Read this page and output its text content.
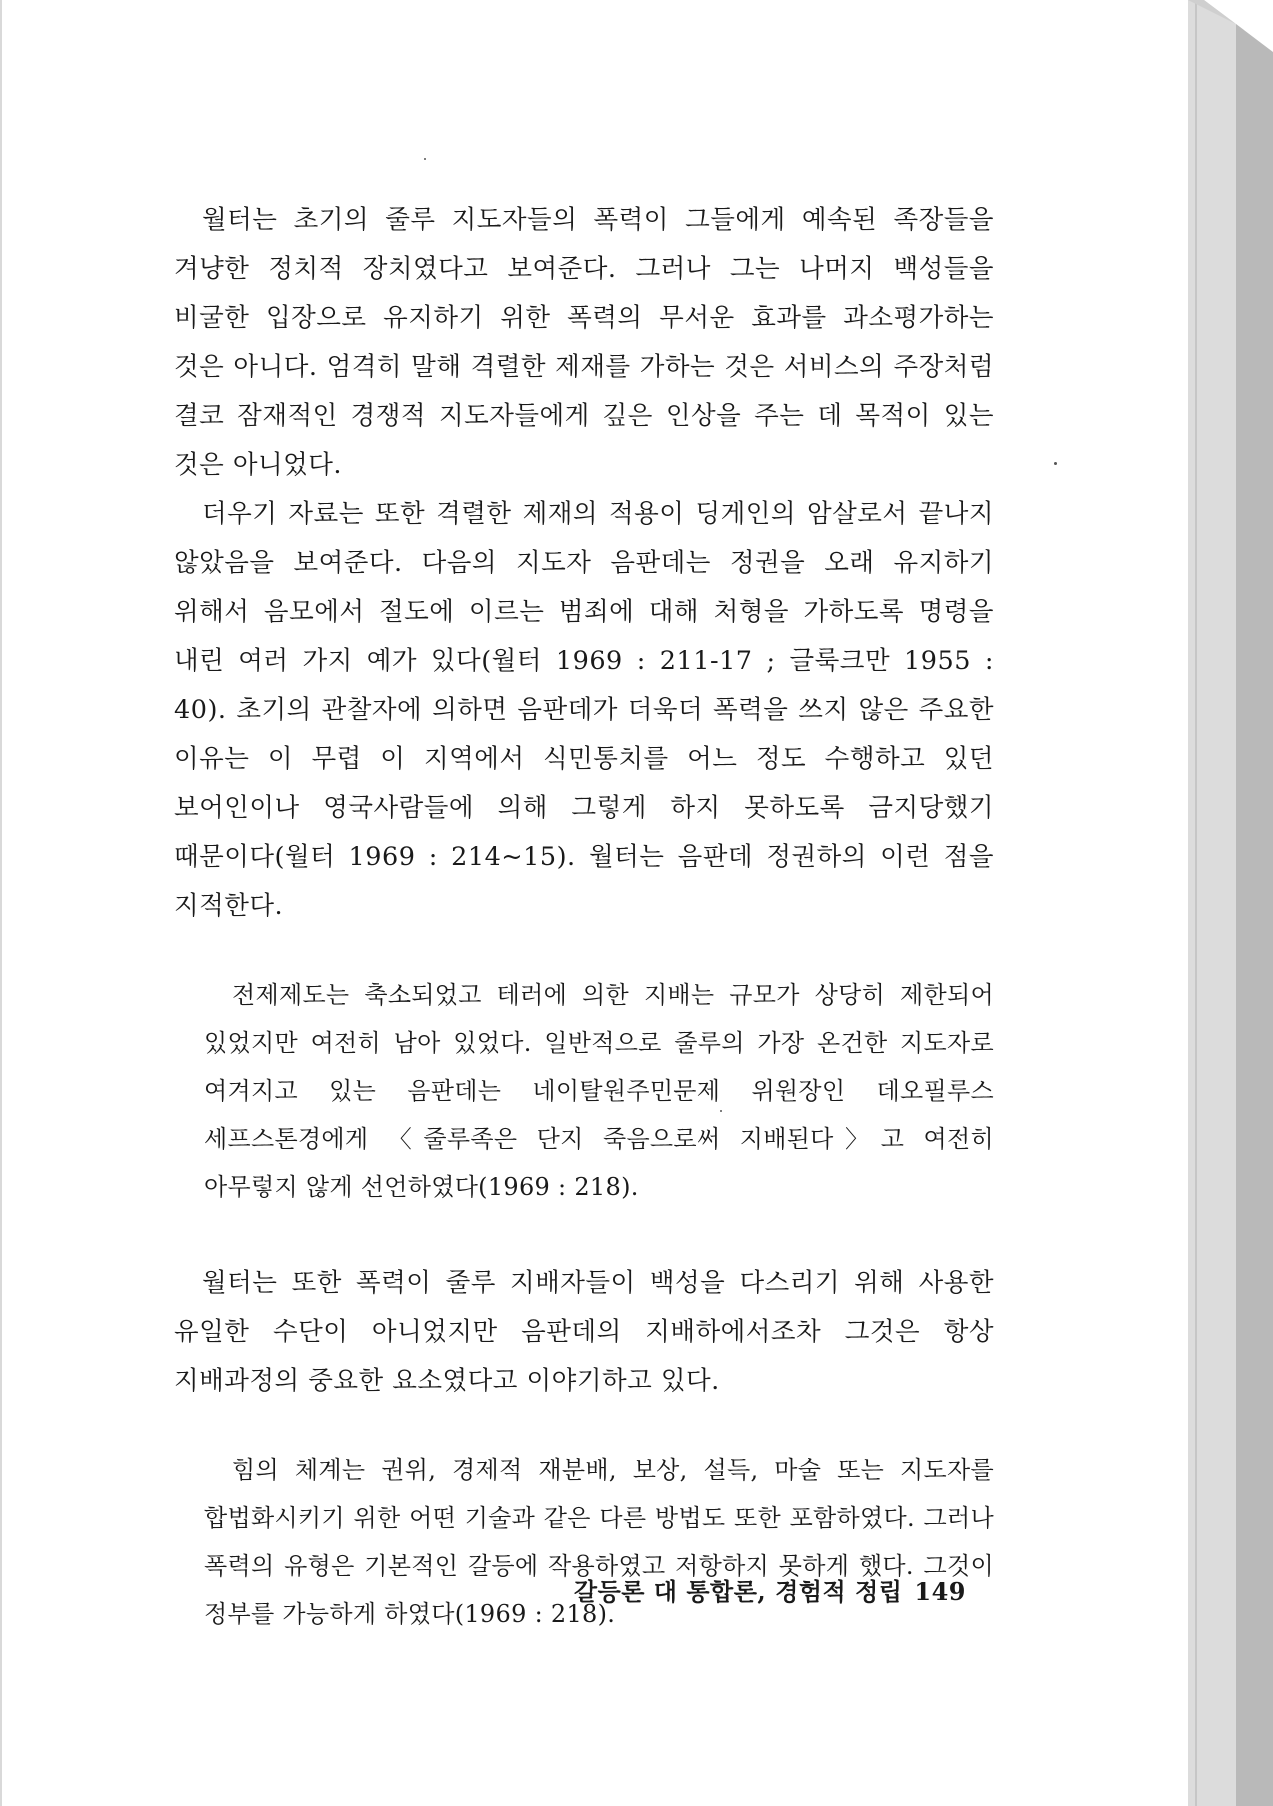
월터는 초기의 줄루 지도자들의 폭력이 그들에게 예속된 족장들을 겨냥한 정치적 장치였다고 보여준다. 그러나 그는 나머지 백성들을 비굴한 입장으로 유지하기 위한 폭력의 무서운 효과를 과소평가하는 것은 아니다. 엄격히 말해 격렬한 제재를 가하는 것은 서비스의 주장처럼 결코 잠재적인 경쟁적 지도자들에게 깊은 인상을 주는 데 목적이 있는 것은 아니었다.

더우기 자료는 또한 격렬한 제재의 적용이 딩게인의 암살로서 끝나지 않았음을 보여준다. 다음의 지도자 음판데는 정권을 오래 유지하기 위해서 음모에서 절도에 이르는 범죄에 대해 처형을 가하도록 명령을 내린 여러 가지 예가 있다(월터 1969 : 211-17 ; 글룩크만 1955 : 40). 초기의 관찰자에 의하면 음판데가 더욱더 폭력을 쓰지 않은 주요한 이유는 이 무렵 이 지역에서 식민통치를 어느 정도 수행하고 있던 보어인이나 영국사람들에 의해 그렇게 하지 못하도록 금지당했기 때문이다(월터 1969 : 214~15). 월터는 음판데 정권하의 이런 점을 지적한다.

전제제도는 축소되었고 테러에 의한 지배는 규모가 상당히 제한되어 있었지만 여전히 남아 있었다. 일반적으로 줄루의 가장 온건한 지도자로 여겨지고 있는 음판데는 네이탈원주민문제 위원장인 데오필루스 세프스톤경에게 〈줄루족은 단지 죽음으로써 지배된다〉고 여전히 아무렇지 않게 선언하였다(1969 : 218).

월터는 또한 폭력이 줄루 지배자들이 백성을 다스리기 위해 사용한 유일한 수단이 아니었지만 음판데의 지배하에서조차 그것은 항상 지배과정의 중요한 요소였다고 이야기하고 있다.

힘의 체계는 권위, 경제적 재분배, 보상, 설득, 마술 또는 지도자를 합법화시키기 위한 어떤 기술과 같은 다른 방법도 또한 포함하였다. 그러나 폭력의 유형은 기본적인 갈등에 작용하였고 저항하지 못하게 했다. 그것이 정부를 가능하게 하였다(1969 : 218).

갈등론 대 통합론, 경험적 정립 149
